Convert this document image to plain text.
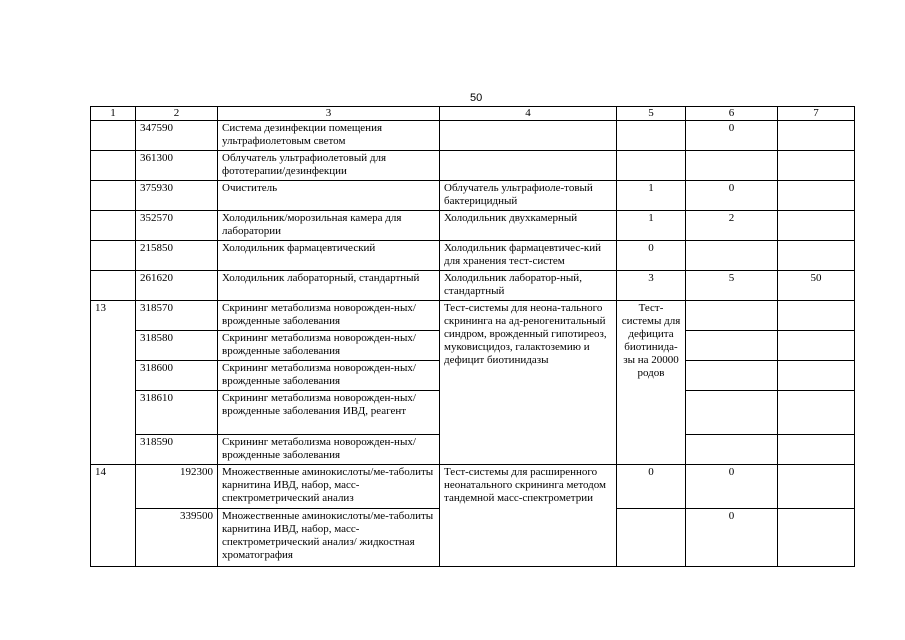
50
1	2	3	4	5	6	7
	347590	Система дезинфекции помещения ультрафиолетовым светом			0	
	361300	Облучатель ультрафиолетовый для фототерапии/дезинфекции				
	375930	Очиститель	Облучатель ультрафиоле-товый бактерицидный	1	0	
	352570	Холодильник/морозильная камера для лаборатории	Холодильник двухкамерный	1	2	
	215850	Холодильник фармацевтический	Холодильник фармацевтичес-кий для хранения тест-систем	0		
	261620	Холодильник лабораторный, стандартный	Холодильник лаборатор-ный, стандартный	3	5	50
13	318570	Скрининг метаболизма новорожден-ных/врожденные заболевания	Тест-системы для неона-тального скрининга на ад-реногенитальный синдром, врожденный гипотиреоз, муковисцидоз, галактоземию и дефицит биотинидазы	Тест-системы для дефицита биотинида-зы на 20000 родов		
	318580	Скрининг метаболизма новорожден-ных/врожденные заболевания				
	318600	Скрининг метаболизма новорожден-ных/врожденные заболевания				
	318610	Скрининг метаболизма новорожден-ных/врожденные заболевания ИВД, реагент				
	318590	Скрининг метаболизма новорожден-ных/врожденные заболевания				
14	192300	Множественные аминокислоты/ме-таболиты карнитина ИВД, набор, масс-спектрометрический анализ	Тест-системы для расширенного неонатального скрининга методом тандемной масс-спектрометрии	0	0	
	339500	Множественные аминокислоты/ме-таболиты карнитина ИВД, набор, масс-спектрометрический анализ/ жидкостная хроматография			0	
